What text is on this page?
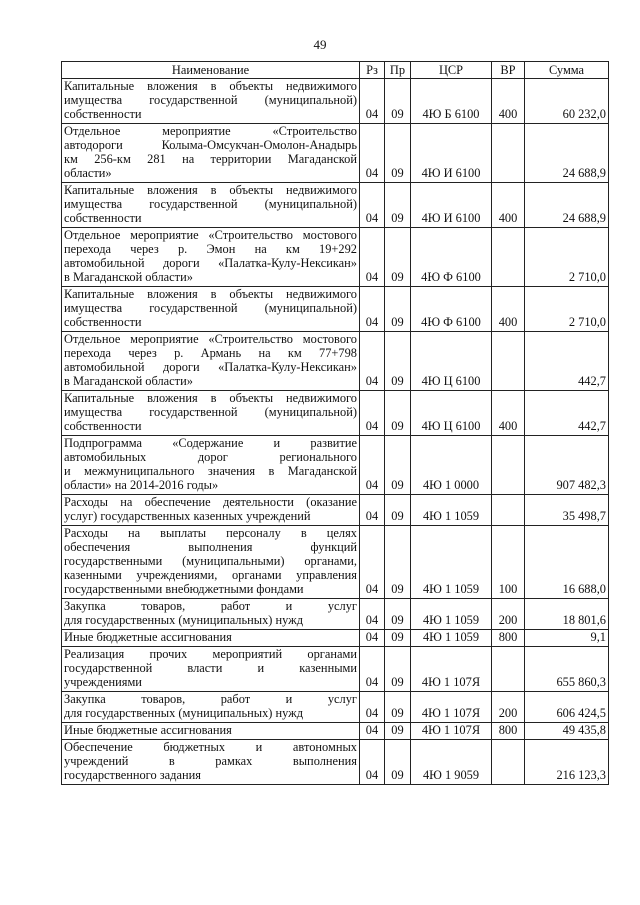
49
Наименование	Рз	Пр	ЦСР	ВР	Сумма

Капитальные вложения в объекты недвижимого
имущества государственной (муниципальной)
собственности	04	09	4Ю Б 6100	400	60 232,0

Отдельное мероприятие «Строительство
автодороги Колыма-Омсукчан-Омолон-Анадырь
км 256-км 281 на территории Магаданской
области»	04	09	4Ю И 6100		24 688,9

Капитальные вложения в объекты недвижимого
имущества государственной (муниципальной)
собственности	04	09	4Ю И 6100	400	24 688,9

Отдельное мероприятие «Строительство мостового
перехода через р. Эмон на км 19+292
автомобильной дороги «Палатка-Кулу-Нексикан»
в Магаданской области»	04	09	4Ю Ф 6100		2 710,0

Капитальные вложения в объекты недвижимого
имущества государственной (муниципальной)
собственности	04	09	4Ю Ф 6100	400	2 710,0

Отдельное мероприятие «Строительство мостового
перехода через р. Армань на км 77+798
автомобильной дороги «Палатка-Кулу-Нексикан»
в Магаданской области»	04	09	4Ю Ц 6100		442,7

Капитальные вложения в объекты недвижимого
имущества государственной (муниципальной)
собственности	04	09	4Ю Ц 6100	400	442,7

Подпрограмма «Содержание и развитие
автомобильных дорог регионального
и межмуниципального значения в Магаданской
области» на 2014-2016 годы»	04	09	4Ю 1 0000		907 482,3

Расходы на обеспечение деятельности (оказание
услуг) государственных казенных учреждений	04	09	4Ю 1 1059		35 498,7

Расходы на выплаты персоналу в целях
обеспечения выполнения функций
государственными (муниципальными) органами,
казенными учреждениями, органами управления
государственными внебюджетными фондами	04	09	4Ю 1 1059	100	16 688,0

Закупка товаров, работ и услуг
для государственных (муниципальных) нужд	04	09	4Ю 1 1059	200	18 801,6

Иные бюджетные ассигнования	04	09	4Ю 1 1059	800	9,1

Реализация прочих мероприятий органами
государственной власти и казенными
учреждениями	04	09	4Ю 1 107Я		655 860,3

Закупка товаров, работ и услуг
для государственных (муниципальных) нужд	04	09	4Ю 1 107Я	200	606 424,5

Иные бюджетные ассигнования	04	09	4Ю 1 107Я	800	49 435,8

Обеспечение бюджетных и автономных
учреждений в рамках выполнения
государственного задания	04	09	4Ю 1 9059		216 123,3
